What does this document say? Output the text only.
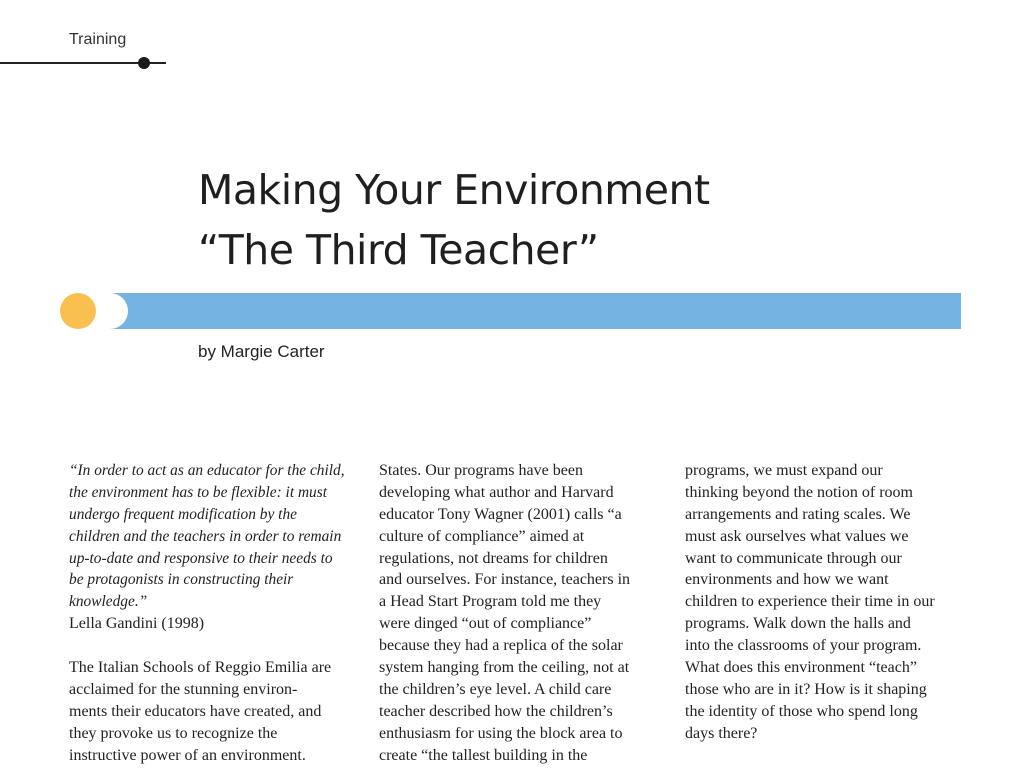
Training
Making Your Environment
“The Third Teacher”
by Margie Carter
“In order to act as an educator for the child,
the environment has to be flexible: it must
undergo frequent modification by the
children and the teachers in order to remain
up-to-date and responsive to their needs to
be protagonists in constructing their
knowledge.”
Lella Gandini (1998)
The Italian Schools of Reggio Emilia are
acclaimed for the stunning environ-
ments their educators have created, and
they provoke us to recognize the
instructive power of an environment.
States. Our programs have been
developing what author and Harvard
educator Tony Wagner (2001) calls “a
culture of compliance” aimed at
regulations, not dreams for children
and ourselves. For instance, teachers in
a Head Start Program told me they
were dinged “out of compliance”
because they had a replica of the solar
system hanging from the ceiling, not at
the children’s eye level. A child care
teacher described how the children’s
enthusiasm for using the block area to
create “the tallest building in the
programs, we must expand our
thinking beyond the notion of room
arrangements and rating scales. We
must ask ourselves what values we
want to communicate through our
environments and how we want
children to experience their time in our
programs. Walk down the halls and
into the classrooms of your program.
What does this environment “teach”
those who are in it? How is it shaping
the identity of those who spend long
days there?
